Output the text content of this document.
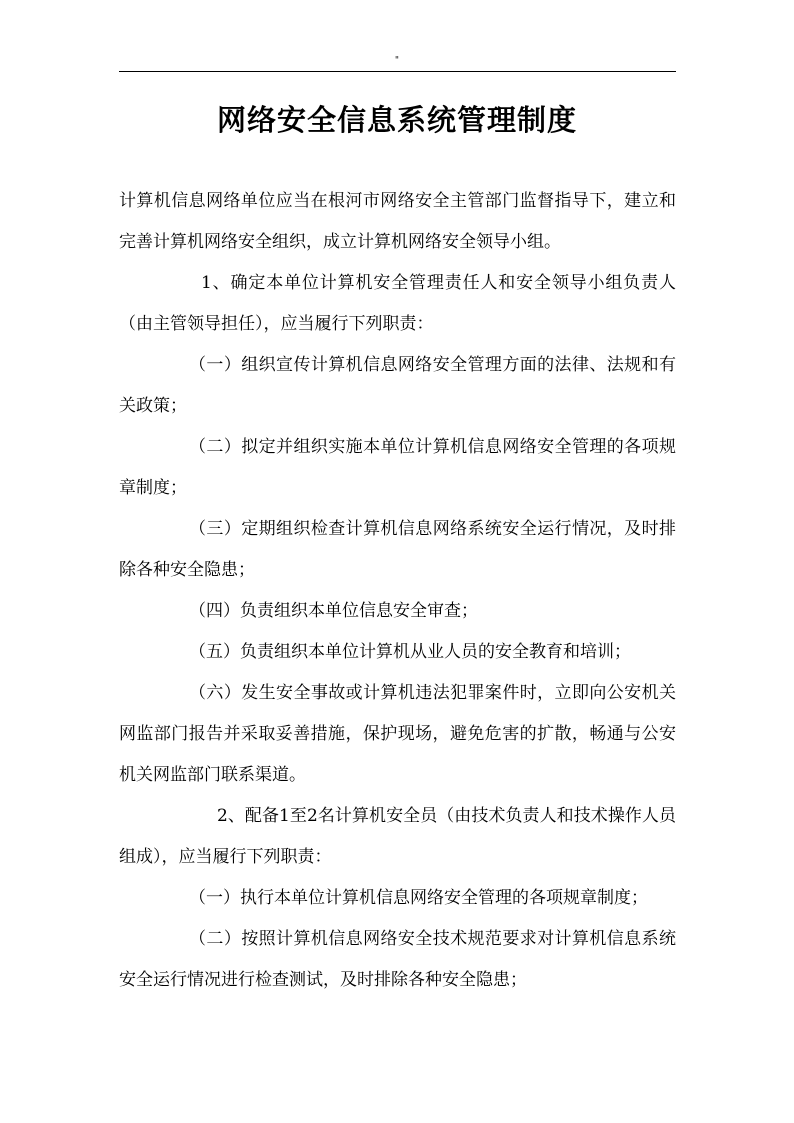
"
网络安全信息系统管理制度

计算机信息网络单位应当在根河市网络安全主管部门监督指导下，建立和完善计算机网络安全组织，成立计算机网络安全领导小组。

1、确定本单位计算机安全管理责任人和安全领导小组负责人（由主管领导担任），应当履行下列职责：

（一）组织宣传计算机信息网络安全管理方面的法律、法规和有关政策；

（二）拟定并组织实施本单位计算机信息网络安全管理的各项规章制度；

（三）定期组织检查计算机信息网络系统安全运行情况，及时排除各种安全隐患；

（四）负责组织本单位信息安全审查；

（五）负责组织本单位计算机从业人员的安全教育和培训；

（六）发生安全事故或计算机违法犯罪案件时，立即向公安机关网监部门报告并采取妥善措施，保护现场，避免危害的扩散，畅通与公安机关网监部门联系渠道。

2、配备1至2名计算机安全员（由技术负责人和技术操作人员组成），应当履行下列职责：

（一）执行本单位计算机信息网络安全管理的各项规章制度；

（二）按照计算机信息网络安全技术规范要求对计算机信息系统安全运行情况进行检查测试，及时排除各种安全隐患；
